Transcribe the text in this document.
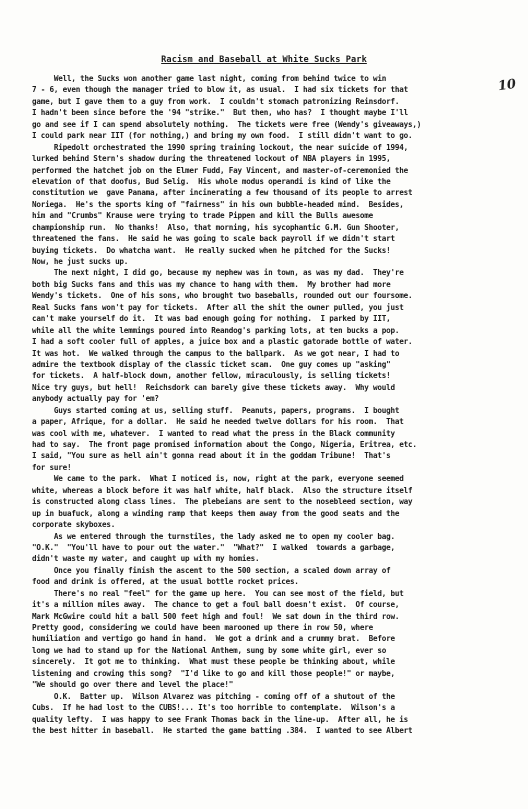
Racism and Baseball at White Sucks Park
10
Well, the Sucks won another game last night, coming from behind twice to win
7 - 6, even though the manager tried to blow it, as usual.  I had six tickets for that
game, but I gave them to a guy from work.  I couldn't stomach patronizing Reinsdorf.
I hadn't been since before the '94 "strike."  But then, who has?  I thought maybe I'll
go and see if I can spend absolutely nothing.  The tickets were free (Wendy's giveaways,)
I could park near IIT (for nothing,) and bring my own food.  I still didn't want to go.
Ripedolt orchestrated the 1990 spring training lockout, the near suicide of 1994,
lurked behind Stern's shadow during the threatened lockout of NBA players in 1995,
performed the hatchet job on the Elmer Fudd, Fay Vincent, and master-of-ceremonied the
elevation of that doofus, Bud Selig.  His whole modus operandi is kind of like the
constitution we  gave Panama, after incinerating a few thousand of its people to arrest
Noriega.  He's the sports king of "fairness" in his own bubble-headed mind.  Besides,
him and "Crumbs" Krause were trying to trade Pippen and kill the Bulls awesome
championship run.  No thanks!  Also, that morning, his sycophantic G.M. Gun Shooter,
threatened the fans.  He said he was going to scale back payroll if we didn't start
buying tickets.  Do whatcha want.  He really sucked when he pitched for the Sucks!
Now, he just sucks up.
The next night, I did go, because my nephew was in town, as was my dad.  They're
both big Sucks fans and this was my chance to hang with them.  My brother had more
Wendy's tickets.  One of his sons, who brought two baseballs, rounded out our foursome.
Real Sucks fans won't pay for tickets.  After all the shit the owner pulled, you just
can't make yourself do it.  It was bad enough going for nothing.  I parked by IIT,
while all the white lemmings poured into Reandog's parking lots, at ten bucks a pop.
I had a soft cooler full of apples, a juice box and a plastic gatorade bottle of water.
It was hot.  We walked through the campus to the ballpark.  As we got near, I had to
admire the textbook display of the classic ticket scam.  One guy comes up "asking"
for tickets.  A half-block down, another fellow, miraculously, is selling tickets!
Nice try guys, but hell!  Reichsdork can barely give these tickets away.  Why would
anybody actually pay for 'em?
Guys started coming at us, selling stuff.  Peanuts, papers, programs.  I bought
a paper, Afrique, for a dollar.  He said he needed twelve dollars for his room.  That
was cool with me, whatever.  I wanted to read what the press in the Black community
had to say.  The front page promised information about the Congo, Nigeria, Eritrea, etc.
I said, "You sure as hell ain't gonna read about it in the goddam Tribune!  That's
for sure!
We came to the park.  What I noticed is, now, right at the park, everyone seemed
white, whereas a block before it was half white, half black.  Also the structure itself
is constructed along class lines.  The plebeians are sent to the nosebleed section, way
up in buafuck, along a winding ramp that keeps them away from the good seats and the
corporate skyboxes.
As we entered through the turnstiles, the lady asked me to open my cooler bag.
"O.K."  "You'll have to pour out the water."  "What?"  I walked  towards a garbage,
didn't waste my water, and caught up with my homies.
Once you finally finish the ascent to the 500 section, a scaled down array of
food and drink is offered, at the usual bottle rocket prices.
There's no real "feel" for the game up here.  You can see most of the field, but
it's a million miles away.  The chance to get a foul ball doesn't exist.  Of course,
Mark McGwire could hit a ball 500 feet high and foul!  We sat down in the third row.
Pretty good, considering we could have been marooned up there in row 50, where
humiliation and vertigo go hand in hand.  We got a drink and a crummy brat.  Before
long we had to stand up for the National Anthem, sung by some white girl, ever so
sincerely.  It got me to thinking.  What must these people be thinking about, while
listening and crowing this song?  "I'd like to go and kill those people!" or maybe,
"We should go over there and level the place!"
O.K.  Batter up.  Wilson Alvarez was pitching - coming off of a shutout of the
Cubs.  If he had lost to the CUBS!... It's too horrible to contemplate.  Wilson's a
quality lefty.  I was happy to see Frank Thomas back in the line-up.  After all, he is
the best hitter in baseball.  He started the game batting .384.  I wanted to see Albert
